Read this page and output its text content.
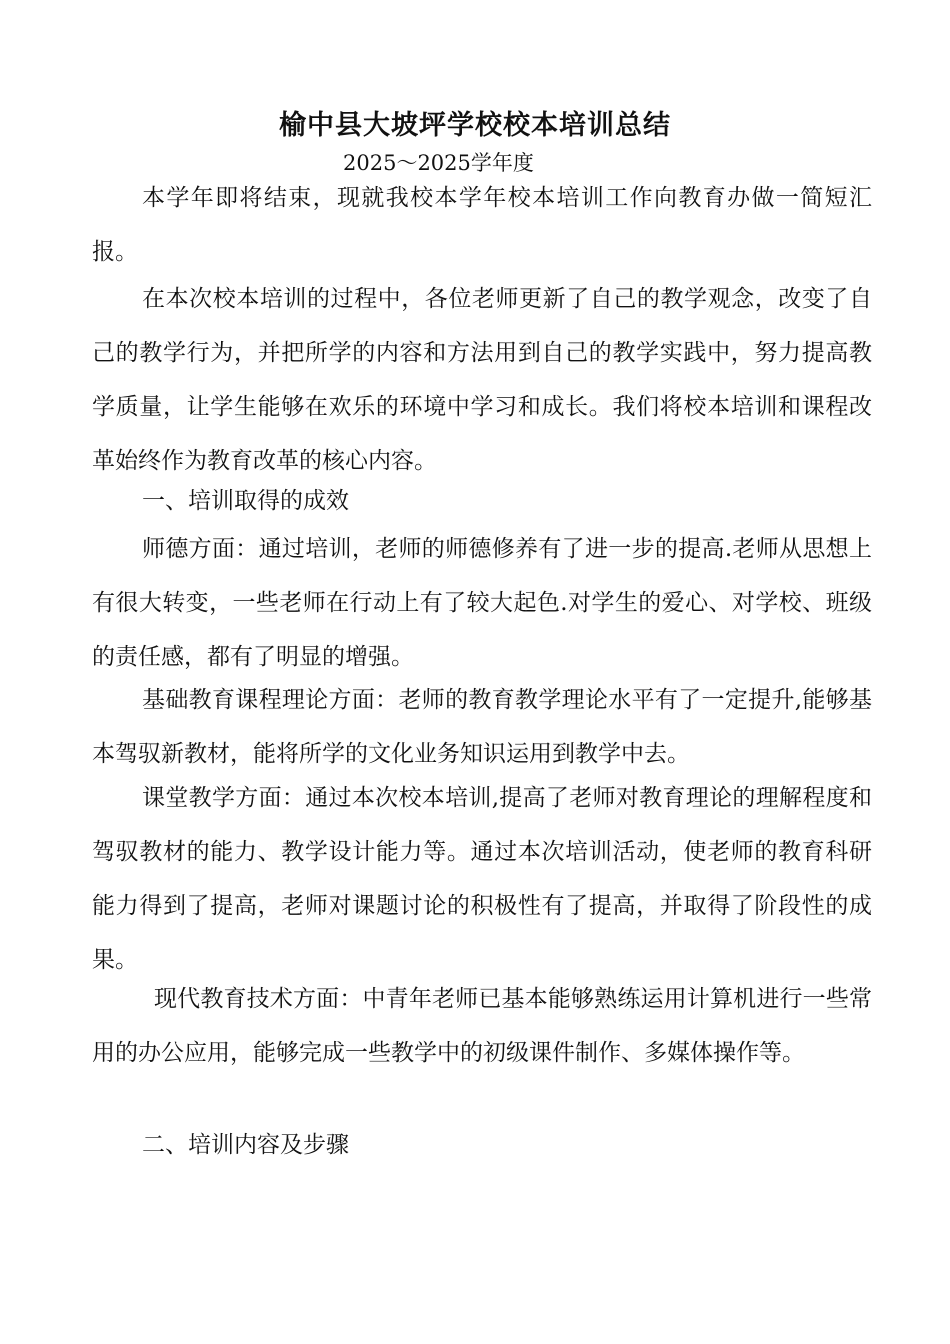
榆中县大坡坪学校校本培训总结

2025～2025学年度

本学年即将结束，现就我校本学年校本培训工作向教育办做一简短汇报。

在本次校本培训的过程中，各位老师更新了自己的教学观念，改变了自己的教学行为，并把所学的内容和方法用到自己的教学实践中，努力提高教学质量，让学生能够在欢乐的环境中学习和成长。我们将校本培训和课程改革始终作为教育改革的核心内容。

一、培训取得的成效

师德方面：通过培训，老师的师德修养有了进一步的提高.老师从思想上有很大转变，一些老师在行动上有了较大起色.对学生的爱心、对学校、班级的责任感，都有了明显的增强。

基础教育课程理论方面：老师的教育教学理论水平有了一定提升,能够基本驾驭新教材，能将所学的文化业务知识运用到教学中去。

课堂教学方面：通过本次校本培训,提高了老师对教育理论的理解程度和驾驭教材的能力、教学设计能力等。通过本次培训活动，使老师的教育科研能力得到了提高，老师对课题讨论的积极性有了提高，并取得了阶段性的成果。

现代教育技术方面：中青年老师已基本能够熟练运用计算机进行一些常用的办公应用，能够完成一些教学中的初级课件制作、多媒体操作等。

二、培训内容及步骤
